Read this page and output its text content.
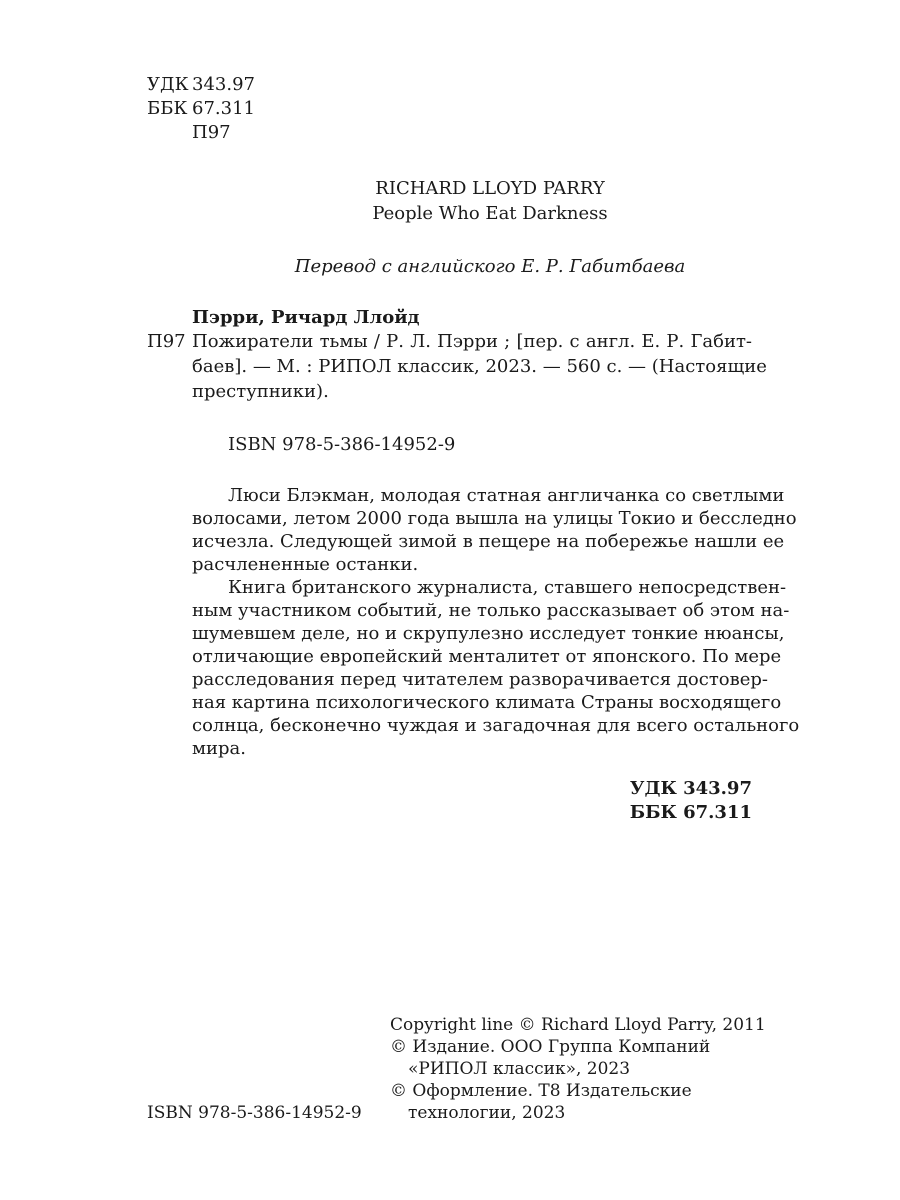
УДК 343.97
ББК 67.311
П97
RICHARD LLOYD PARRY
People Who Eat Darkness
Перевод с английского Е. Р. Габитбаева
Пэрри, Ричард Ллойд
П97 Пожиратели тьмы / Р. Л. Пэрри ; [пер. с англ. Е. Р. Габит-
баев]. — М. : РИПОЛ классик, 2023. — 560 с. — (Настоящие
преступники).
ISBN 978-5-386-14952-9
Люси Блэкман, молодая статная англичанка со светлыми
волосами, летом 2000 года вышла на улицы Токио и бесследно
исчезла. Следующей зимой в пещере на побережье нашли ее
расчлененные останки.
Книга британского журналиста, ставшего непосредствен-
ным участником событий, не только рассказывает об этом на-
шумевшем деле, но и скрупулезно исследует тонкие нюансы,
отличающие европейский менталитет от японского. По мере
расследования перед читателем разворачивается достовер-
ная картина психологического климата Страны восходящего
солнца, бесконечно чуждая и загадочная для всего остального
мира.
УДК 343.97
ББК 67.311
Copyright line © Richard Lloyd Parry, 2011
© Издание. ООО Группа Компаний
«РИПОЛ классик», 2023
© Оформление. Т8 Издательские
технологии, 2023
ISBN 978-5-386-14952-9
